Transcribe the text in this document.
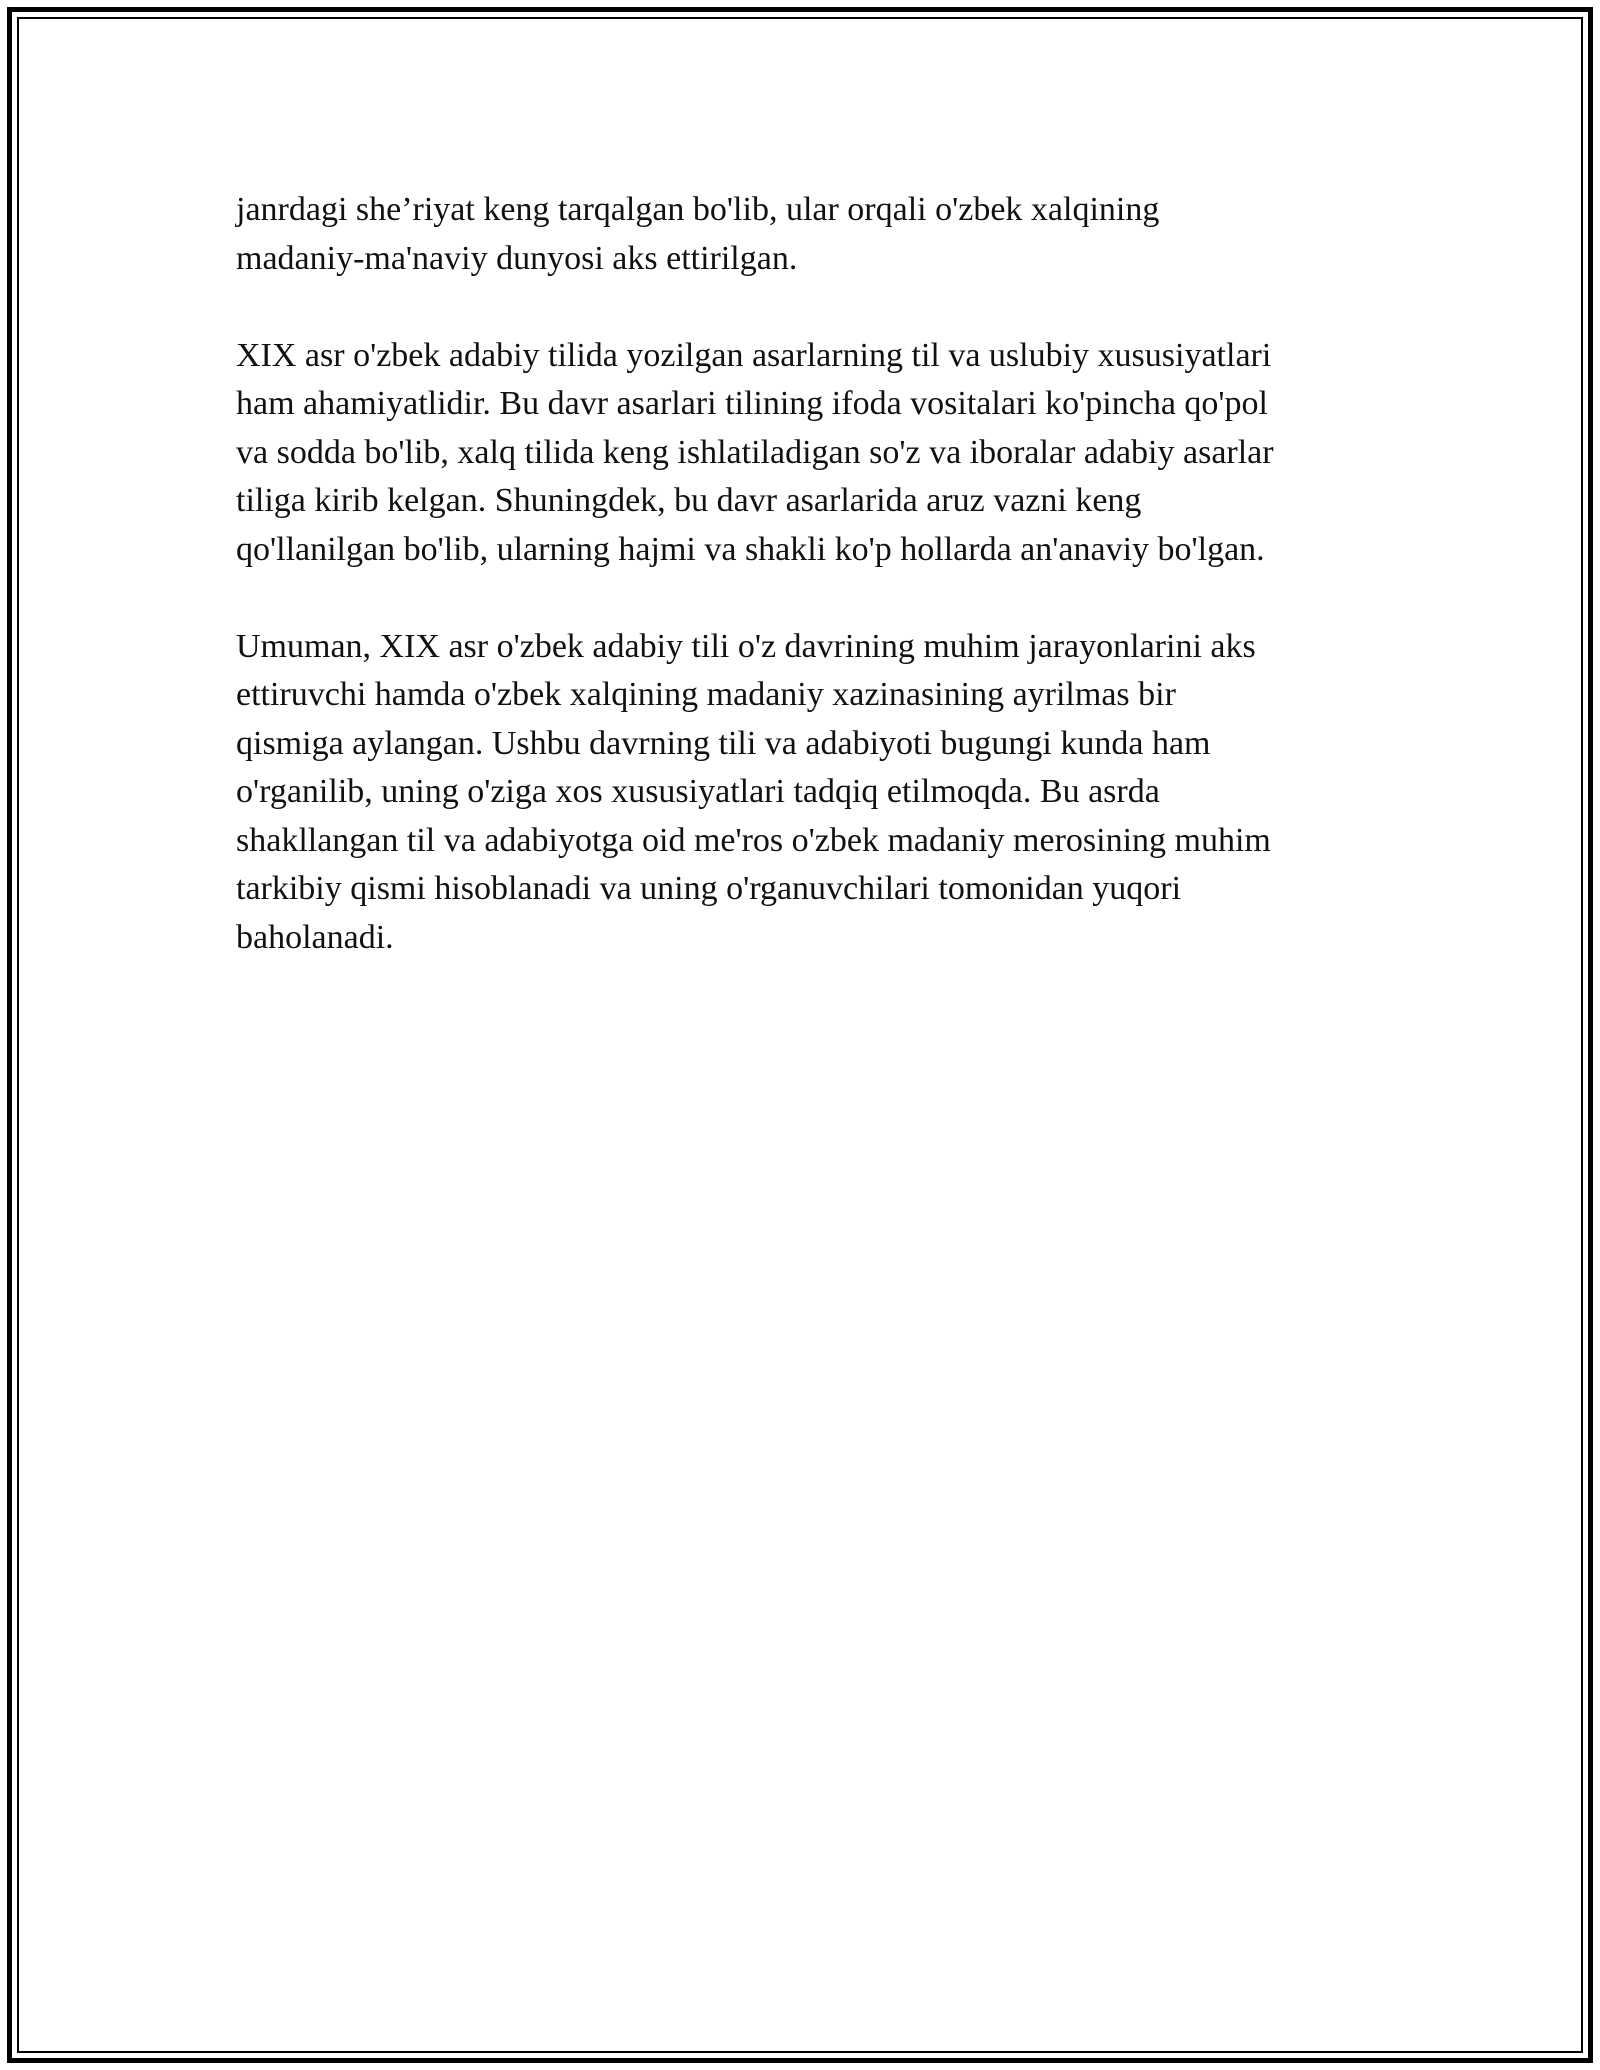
janrdagi she’riyat keng tarqalgan bo'lib, ular orqali o'zbek xalqining
madaniy-ma'naviy dunyosi aks ettirilgan.

XIX asr o'zbek adabiy tilida yozilgan asarlarning til va uslubiy xususiyatlari
ham ahamiyatlidir. Bu davr asarlari tilining ifoda vositalari ko'pincha qo'pol
va sodda bo'lib, xalq tilida keng ishlatiladigan so'z va iboralar adabiy asarlar
tiliga kirib kelgan. Shuningdek, bu davr asarlarida aruz vazni keng
qo'llanilgan bo'lib, ularning hajmi va shakli ko'p hollarda an'anaviy bo'lgan.

Umuman, XIX asr o'zbek adabiy tili o'z davrining muhim jarayonlarini aks
ettiruvchi hamda o'zbek xalqining madaniy xazinasining ayrilmas bir
qismiga aylangan. Ushbu davrning tili va adabiyoti bugungi kunda ham
o'rganilib, uning o'ziga xos xususiyatlari tadqiq etilmoqda. Bu asrda
shakllangan til va adabiyotga oid me'ros o'zbek madaniy merosining muhim
tarkibiy qismi hisoblanadi va uning o'rganuvchilari tomonidan yuqori
baholanadi.
